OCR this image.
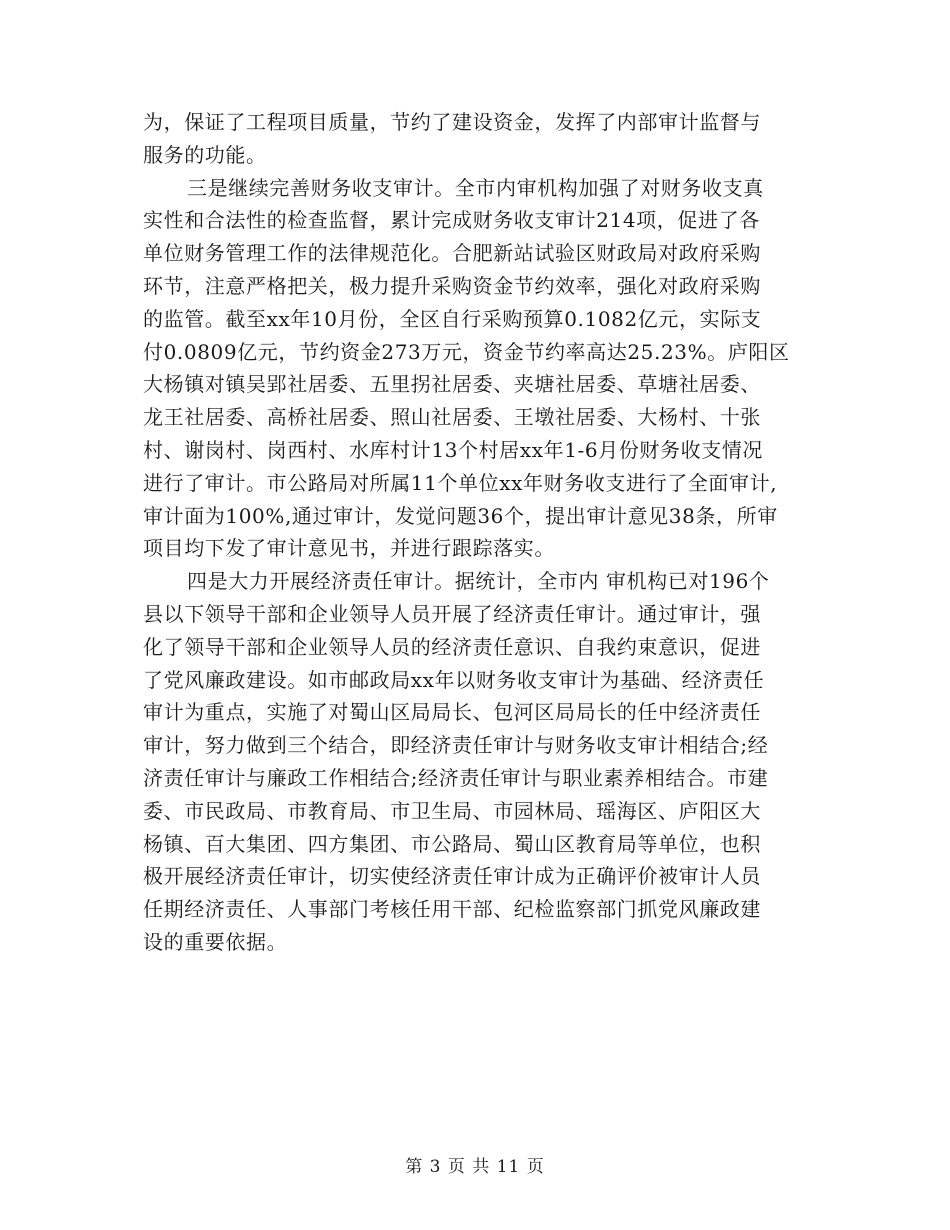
为，保证了工程项目质量，节约了建设资金，发挥了内部审计监督与
服务的功能。
三是继续完善财务收支审计。全市内审机构加强了对财务收支真
实性和合法性的检查监督，累计完成财务收支审计214项，促进了各
单位财务管理工作的法律规范化。合肥新站试验区财政局对政府采购
环节，注意严格把关，极力提升采购资金节约效率，强化对政府采购
的监管。截至xx年10月份，全区自行采购预算0.1082亿元，实际支
付0.0809亿元，节约资金273万元，资金节约率高达25.23%。庐阳区
大杨镇对镇吴郢社居委、五里拐社居委、夹塘社居委、草塘社居委、
龙王社居委、高桥社居委、照山社居委、王墩社居委、大杨村、十张
村、谢岗村、岗西村、水库村计13个村居xx年1-6月份财务收支情况
进行了审计。市公路局对所属11个单位xx年财务收支进行了全面审计,
审计面为100%,通过审计，发觉问题36个，提出审计意见38条，所审
项目均下发了审计意见书，并进行跟踪落实。
四是大力开展经济责任审计。据统计，全市内 审机构已对196个
县以下领导干部和企业领导人员开展了经济责任审计。通过审计，强
化了领导干部和企业领导人员的经济责任意识、自我约束意识，促进
了党风廉政建设。如市邮政局xx年以财务收支审计为基础、经济责任
审计为重点，实施了对蜀山区局局长、包河区局局长的任中经济责任
审计，努力做到三个结合，即经济责任审计与财务收支审计相结合;经
济责任审计与廉政工作相结合;经济责任审计与职业素养相结合。市建
委、市民政局、市教育局、市卫生局、市园林局、瑶海区、庐阳区大
杨镇、百大集团、四方集团、市公路局、蜀山区教育局等单位，也积
极开展经济责任审计，切实使经济责任审计成为正确评价被审计人员
任期经济责任、人事部门考核任用干部、纪检监察部门抓党风廉政建
设的重要依据。
第 3 页 共 11 页
